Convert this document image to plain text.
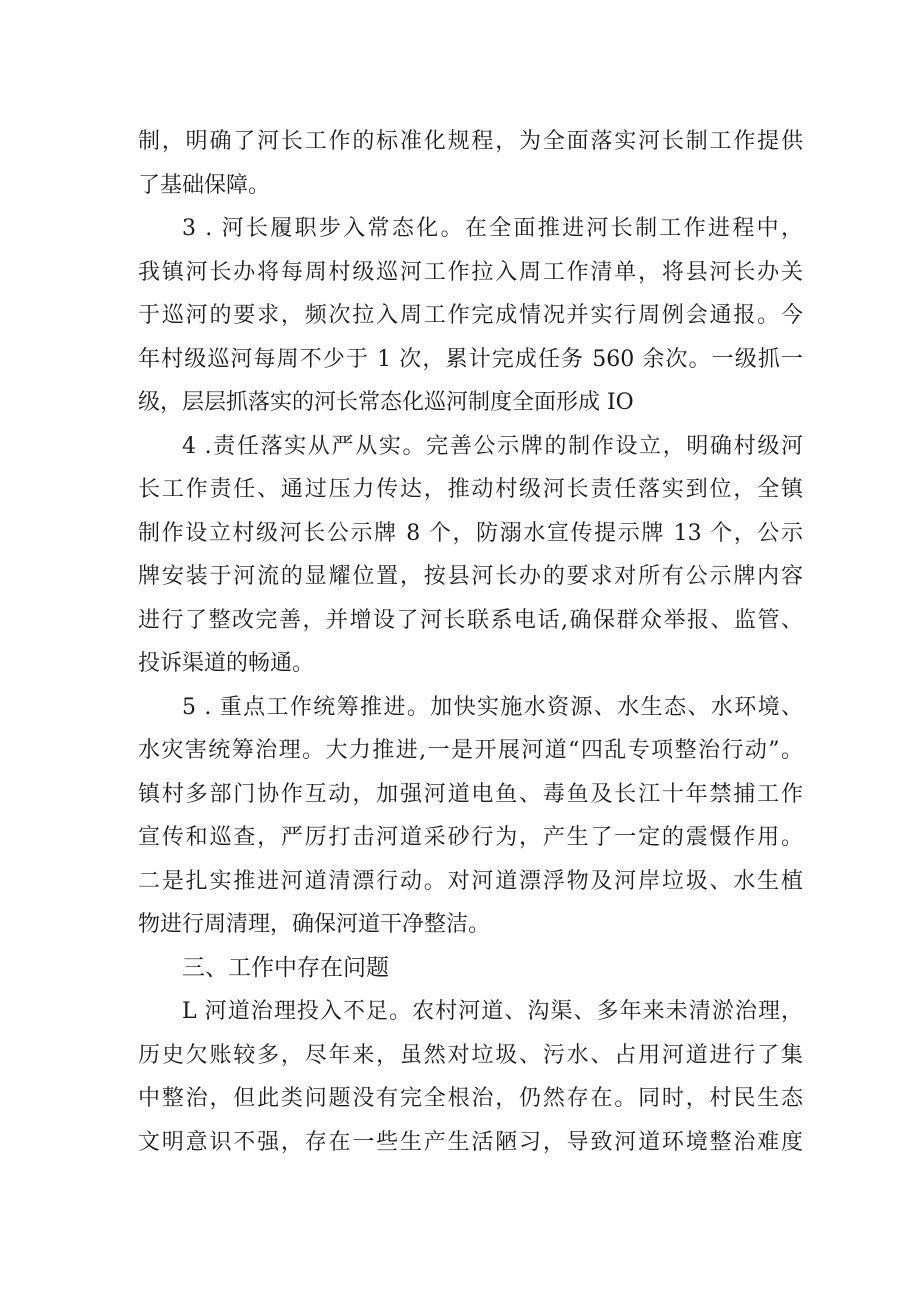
制，明确了河长工作的标准化规程，为全面落实河长制工作提供
了基础保障。
3 . 河长履职步入常态化。在全面推进河长制工作进程中，
我镇河长办将每周村级巡河工作拉入周工作清单，将县河长办关
于巡河的要求，频次拉入周工作完成情况并实行周例会通报。今
年村级巡河每周不少于 1 次，累计完成任务 560 余次。一级抓一
级，层层抓落实的河长常态化巡河制度全面形成 IO
4 .责任落实从严从实。完善公示牌的制作设立，明确村级河
长工作责任、通过压力传达，推动村级河长责任落实到位，全镇
制作设立村级河长公示牌 8 个，防溺水宣传提示牌 13 个，公示
牌安装于河流的显耀位置，按县河长办的要求对所有公示牌内容
进行了整改完善，并增设了河长联系电话,确保群众举报、监管、
投诉渠道的畅通。
5 . 重点工作统筹推进。加快实施水资源、水生态、水环境、
水灾害统筹治理。大力推进,一是开展河道“四乱专项整治行动”。
镇村多部门协作互动，加强河道电鱼、毒鱼及长江十年禁捕工作
宣传和巡查，严厉打击河道采砂行为，产生了一定的震慑作用。
二是扎实推进河道清漂行动。对河道漂浮物及河岸垃圾、水生植
物进行周清理，确保河道干净整洁。
三、工作中存在问题
L 河道治理投入不足。农村河道、沟渠、多年来未清淤治理，
历史欠账较多，尽年来，虽然对垃圾、污水、占用河道进行了集
中整治，但此类问题没有完全根治，仍然存在。同时，村民生态
文明意识不强，存在一些生产生活陋习，导致河道环境整治难度
